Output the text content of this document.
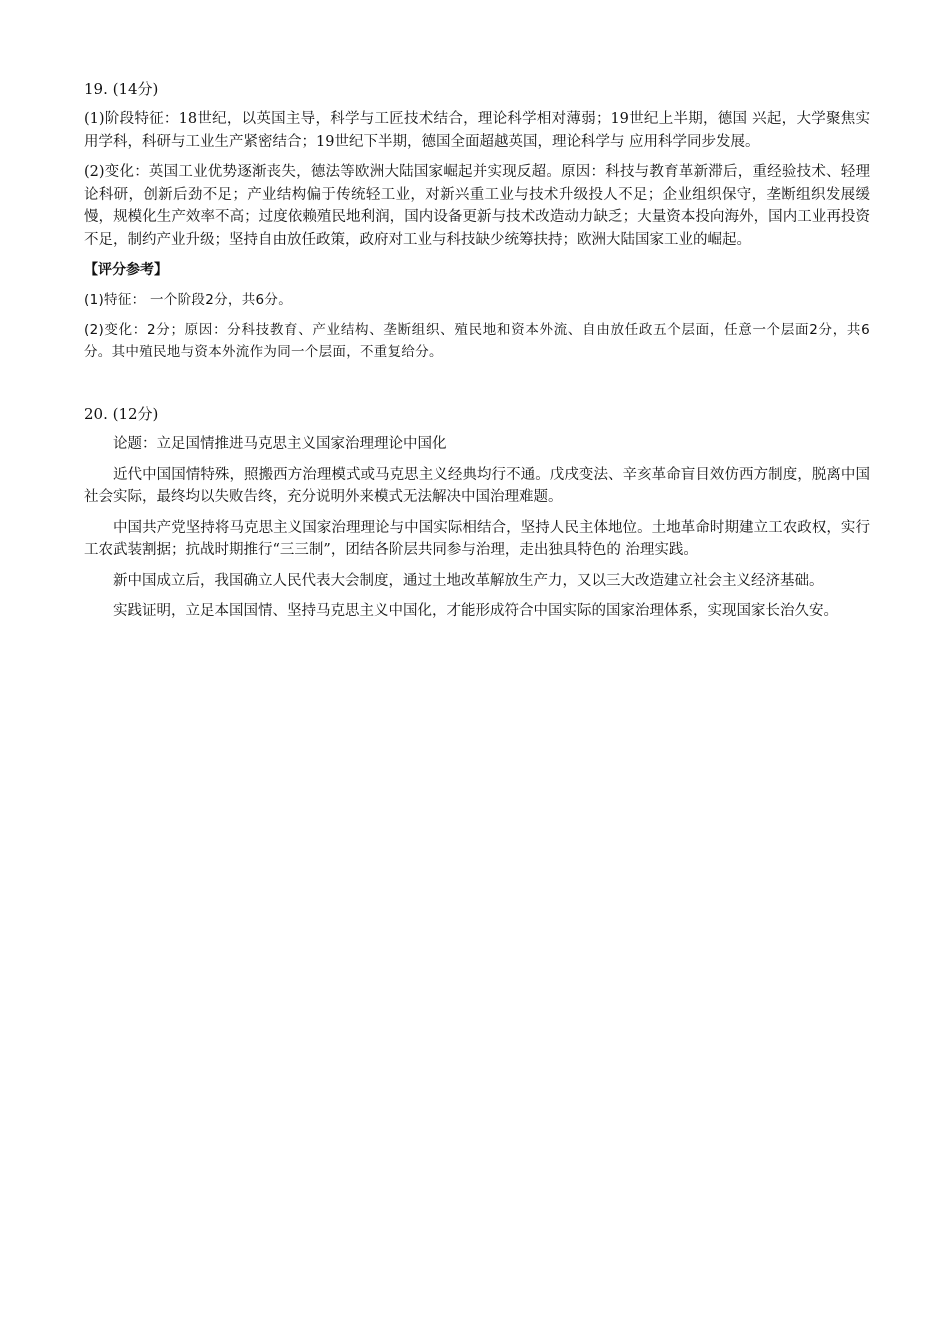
19. (14分)

(1)阶段特征：18世纪，以英国主导，科学与工匠技术结合，理论科学相对薄弱；19世纪上半期，德国 兴起，大学聚焦实用学科，科研与工业生产紧密结合；19世纪下半期，德国全面超越英国，理论科学与 应用科学同步发展。

(2)变化：英国工业优势逐渐丧失，德法等欧洲大陆国家崛起并实现反超。原因：科技与教育革新滞后，重经验技术、轻理论科研，创新后劲不足；产业结构偏于传统轻工业，对新兴重工业与技术升级投人不足；企业组织保守，垄断组织发展缓慢，规模化生产效率不高；过度依赖殖民地利润，国内设备更新与技术改造动力缺乏；大量资本投向海外，国内工业再投资不足，制约产业升级；坚持自由放任政策，政府对工业与科技缺少统筹扶持；欧洲大陆国家工业的崛起。

【评分参考】

(1)特征： 一个阶段2分，共6分。

(2)变化：2分；原因：分科技教育、产业结构、垄断组织、殖民地和资本外流、自由放任政五个层面，任意一个层面2分，共6分。其中殖民地与资本外流作为同一个层面，不重复给分。

20. (12分)

论题：立足国情推进马克思主义国家治理理论中国化

近代中国国情特殊，照搬西方治理模式或马克思主义经典均行不通。戊戌变法、辛亥革命盲目效仿西方制度，脱离中国社会实际，最终均以失败告终，充分说明外来模式无法解决中国治理难题。

中国共产党坚持将马克思主义国家治理理论与中国实际相结合，坚持人民主体地位。土地革命时期建立工农政权，实行工农武装割据；抗战时期推行“三三制”，团结各阶层共同参与治理，走出独具特色的 治理实践。

新中国成立后，我国确立人民代表大会制度，通过土地改革解放生产力，又以三大改造建立社会主义经济基础。

实践证明，立足本国国情、坚持马克思主义中国化，才能形成符合中国实际的国家治理体系，实现国家长治久安。
